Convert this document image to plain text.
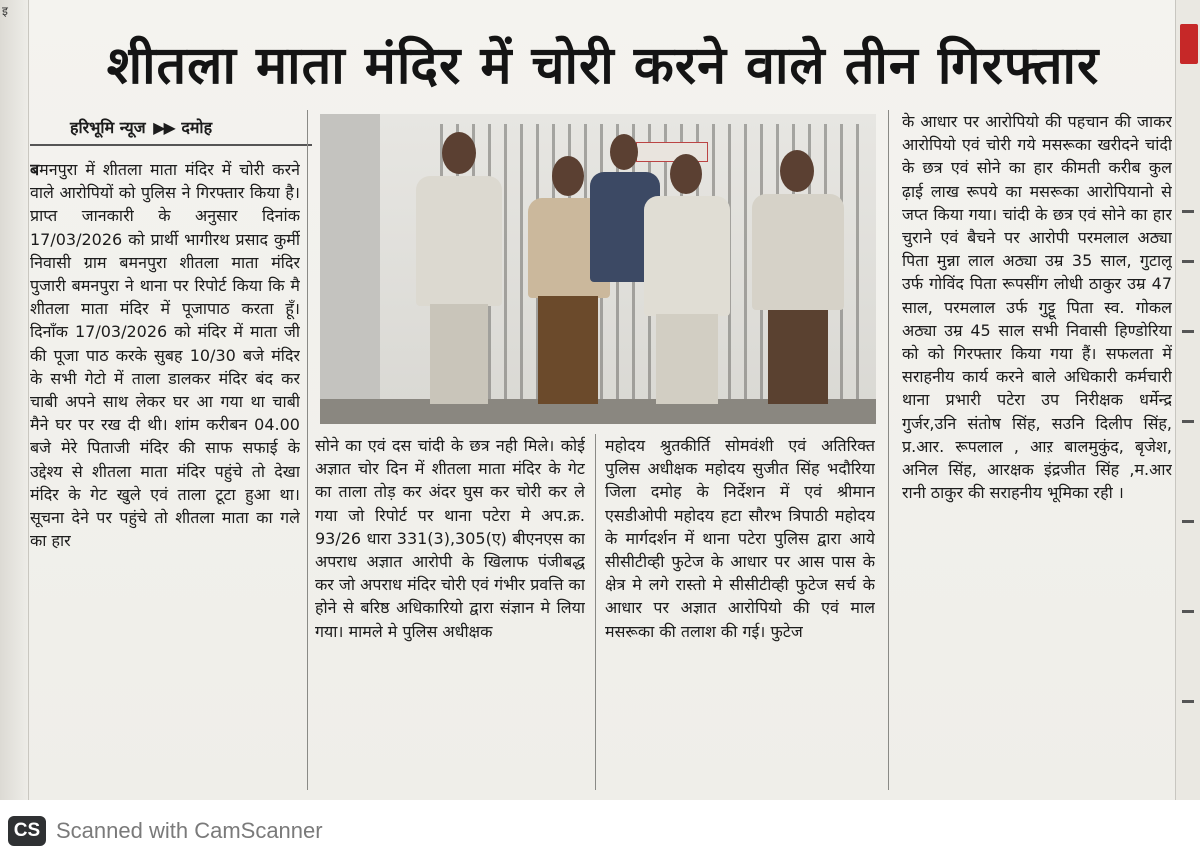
इ
शीतला माता मंदिर में चोरी करने वाले तीन गिरफ्तार
हरिभूमि न्यूज ▶▶ दमोह
बमनपुरा में शीतला माता मंदिर में चोरी करने वाले आरोपियों को पुलिस ने गिरफ्तार किया है। प्राप्त जानकारी के अनुसार दिनांक 17/03/2026 को प्रार्थी भागीरथ प्रसाद कुर्मी निवासी ग्राम बमनपुरा शीतला माता मंदिर पुजारी बमनपुरा ने थाना पर रिपोर्ट किया कि मै शीतला माता मंदिर में पूजापाठ करता हूँ। दिनाँक 17/03/2026 को मंदिर में माता जी की पूजा पाठ करके सुबह 10/30 बजे मंदिर के सभी गेटो में ताला डालकर मंदिर बंद कर चाबी अपने साथ लेकर घर आ गया था चाबी मैने घर पर रख दी थी। शांम करीबन 04.00 बजे मेरे पिताजी मंदिर की साफ सफाई के उद्देश्य से शीतला माता मंदिर पहुंचे तो देखा मंदिर के गेट खुले एवं ताला टूटा हुआ था। सूचना देने पर पहुंचे तो शीतला माता का गले का हार
सोने का एवं दस चांदी के छत्र नही मिले। कोई अज्ञात चोर दिन में शीतला माता मंदिर के गेट का ताला तोड़ कर अंदर घुस कर चोरी कर ले गया जो रिपोर्ट पर थाना पटेरा मे अप.क्र. 93/26 धारा 331(3),305(ए) बीएनएस का अपराध अज्ञात आरोपी के खिलाफ पंजीबद्ध कर जो अपराध मंदिर चोरी एवं गंभीर प्रवत्ति का होने से बरिष्ठ अधिकारियो द्वारा संज्ञान मे लिया गया। मामले मे पुलिस अधीक्षक
महोदय श्रुतकीर्ति सोमवंशी एवं अतिरिक्त पुलिस अधीक्षक महोदय सुजीत सिंह भदौरिया जिला दमोह के निर्देशन में एवं श्रीमान एसडीओपी महोदय हटा सौरभ त्रिपाठी महोदय के मार्गदर्शन में थाना पटेरा पुलिस द्वारा आये सीसीटीव्ही फुटेज के आधार पर आस पास के क्षेत्र मे लगे रास्तो मे सीसीटीव्ही फुटेज सर्च के आधार पर अज्ञात आरोपियो की एवं माल मसरूका की तलाश की गई। फुटेज
के आधार पर आरोपियो की पहचान की जाकर आरोपियो एवं चोरी गये मसरूका खरीदने चांदी के छत्र एवं सोने का हार कीमती करीब कुल ढ़ाई लाख रूपये का मसरूका आरोपियानो से जप्त किया गया। चांदी के छत्र एवं सोने का हार चुराने एवं बैचने पर आरोपी परमलाल अठ्या पिता मुन्ना लाल अठ्या उम्र 35 साल, गुटालू उर्फ गोविंद पिता रूपसींग लोधी ठाकुर उम्र 47 साल, परमलाल उर्फ गुट्टू पिता स्व. गोकल अठ्या उम्र 45 साल सभी निवासी हिण्डोरिया को को गिरफ्तार किया गया हैं। सफलता में सराहनीय कार्य करने बाले अधिकारी कर्मचारी थाना प्रभारी पटेरा उप निरीक्षक धर्मेन्द्र गुर्जर,उनि संतोष सिंह, सउनि दिलीप सिंह, प्र.आर. रूपलाल , आऱ बालमुकुंद, बृजेश, अनिल सिंह, आरक्षक इंद्रजीत सिंह ,म.आर रानी ठाकुर की सराहनीय भूमिका रही ।
CS Scanned with CamScanner
